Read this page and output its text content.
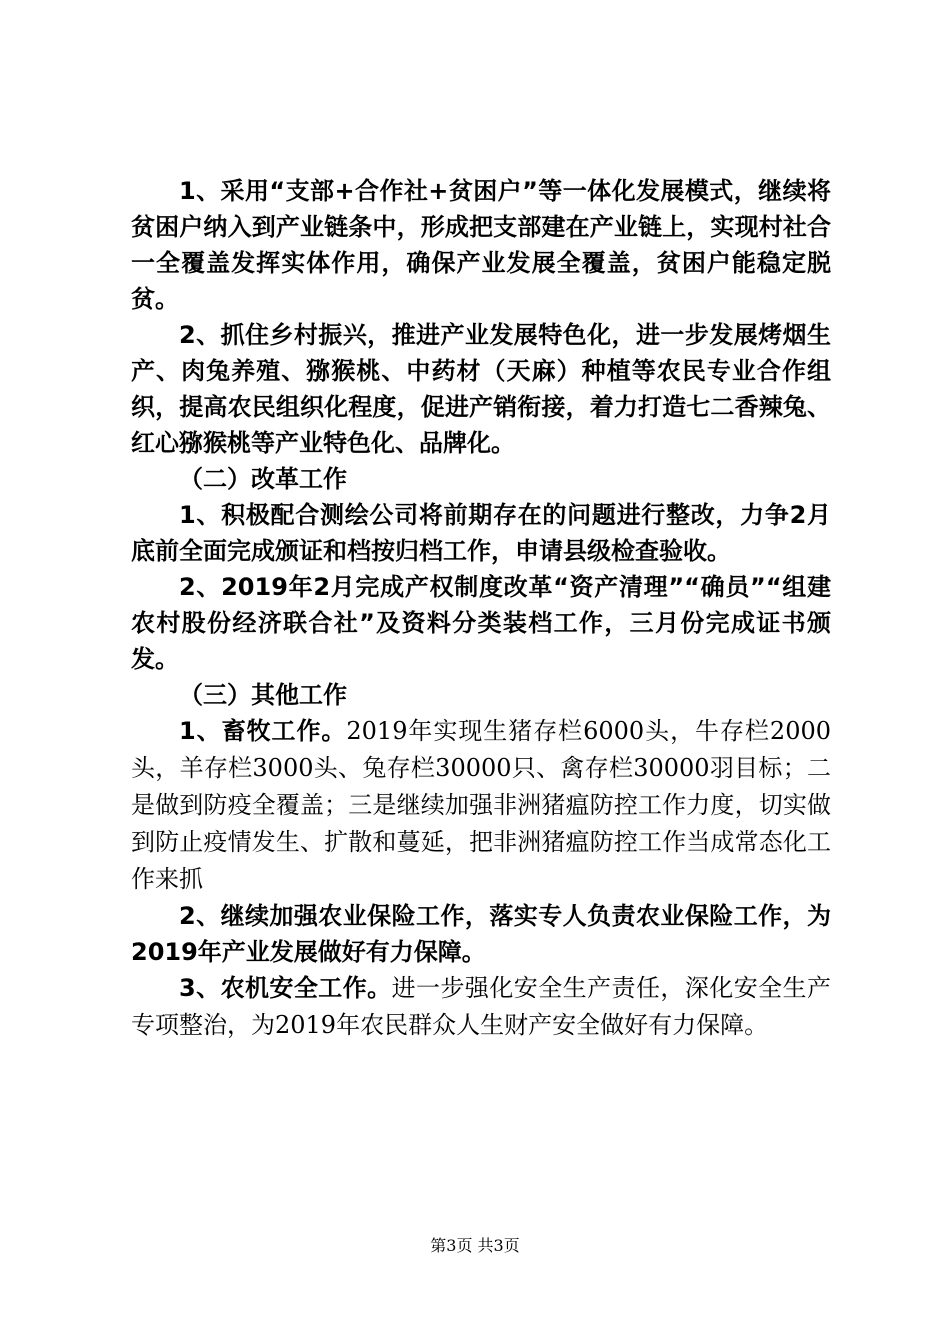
1、采用“支部+合作社+贫困户”等一体化发展模式，继续将贫困户纳入到产业链条中，形成把支部建在产业链上，实现村社合一全覆盖发挥实体作用，确保产业发展全覆盖，贫困户能稳定脱贫。

2、抓住乡村振兴，推进产业发展特色化，进一步发展烤烟生产、肉兔养殖、猕猴桃、中药材（天麻）种植等农民专业合作组织，提高农民组织化程度，促进产销衔接，着力打造七二香辣兔、红心猕猴桃等产业特色化、品牌化。

（二）改革工作

1、积极配合测绘公司将前期存在的问题进行整改，力争2月底前全面完成颁证和档按归档工作，申请县级检查验收。

2、2019年2月完成产权制度改革“资产清理”“确员”“组建农村股份经济联合社”及资料分类装档工作，三月份完成证书颁发。

（三）其他工作

1、畜牧工作。2019年实现生猪存栏6000头，牛存栏2000头，羊存栏3000头、兔存栏30000只、禽存栏30000羽目标；二是做到防疫全覆盖；三是继续加强非洲猪瘟防控工作力度，切实做到防止疫情发生、扩散和蔓延，把非洲猪瘟防控工作当成常态化工作来抓

2、继续加强农业保险工作，落实专人负责农业保险工作，为2019年产业发展做好有力保障。

3、农机安全工作。进一步强化安全生产责任，深化安全生产专项整治，为2019年农民群众人生财产安全做好有力保障。

第3页 共3页
